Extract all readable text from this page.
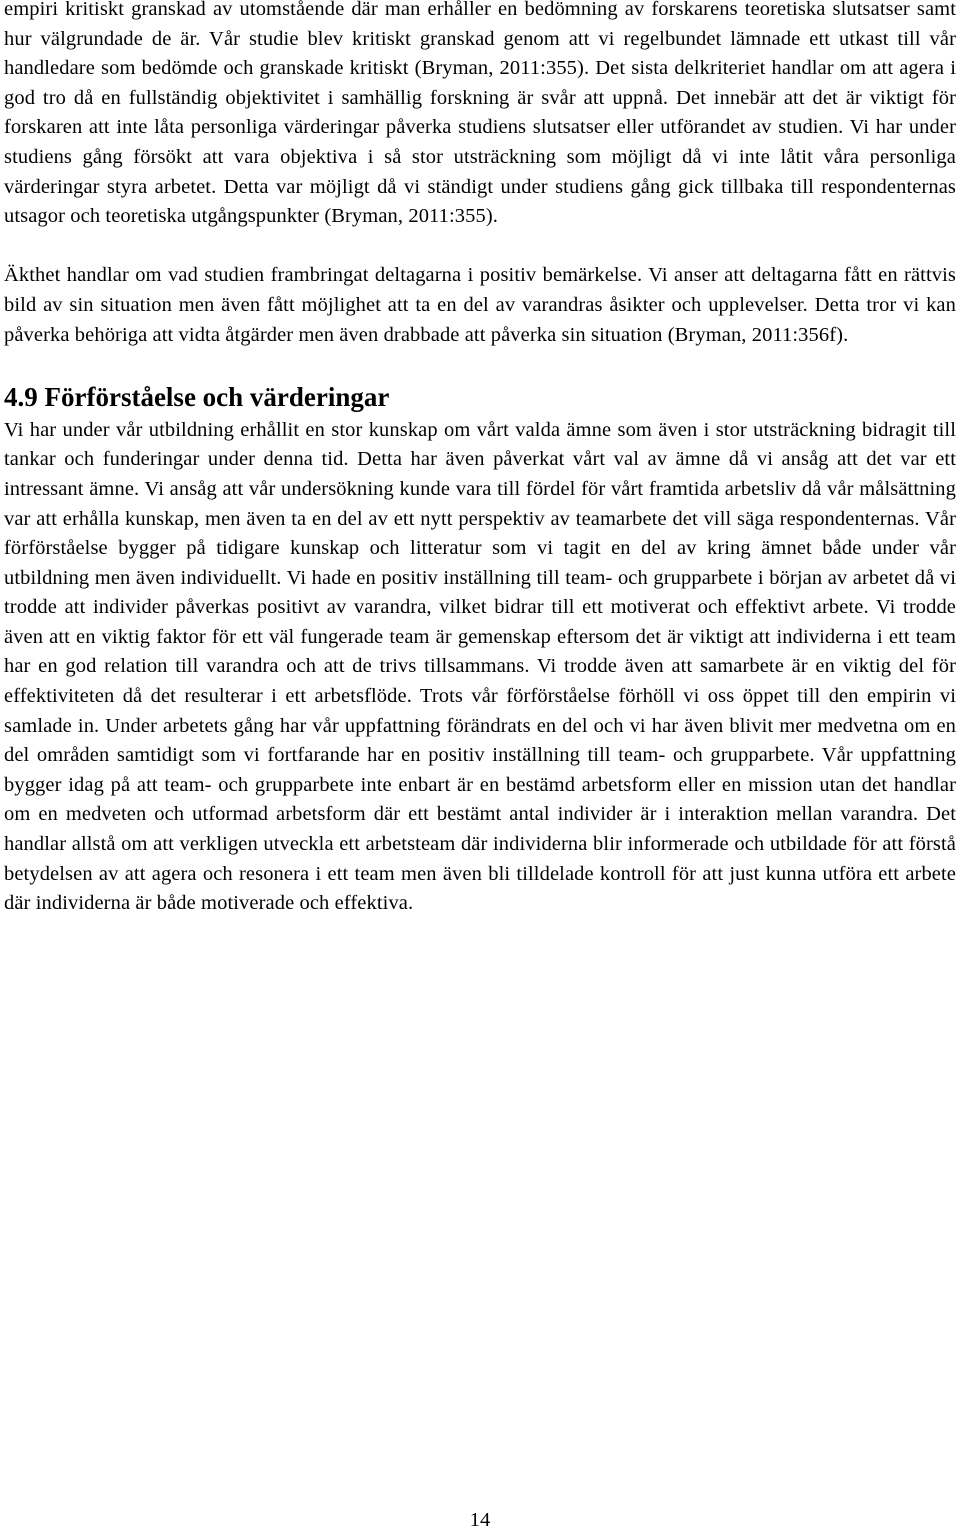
empiri kritiskt granskad av utomstående där man erhåller en bedömning av forskarens teoretiska slutsatser samt hur välgrundade de är. Vår studie blev kritiskt granskad genom att vi regelbundet lämnade ett utkast till vår handledare som bedömde och granskade kritiskt (Bryman, 2011:355). Det sista delkriteriet handlar om att agera i god tro då en fullständig objektivitet i samhällig forskning är svår att uppnå. Det innebär att det är viktigt för forskaren att inte låta personliga värderingar påverka studiens slutsatser eller utförandet av studien. Vi har under studiens gång försökt att vara objektiva i så stor utsträckning som möjligt då vi inte låtit våra personliga värderingar styra arbetet. Detta var möjligt då vi ständigt under studiens gång gick tillbaka till respondenternas utsagor och teoretiska utgångspunkter (Bryman, 2011:355).

Äkthet handlar om vad studien frambringat deltagarna i positiv bemärkelse. Vi anser att deltagarna fått en rättvis bild av sin situation men även fått möjlighet att ta en del av varandras åsikter och upplevelser. Detta tror vi kan påverka behöriga att vidta åtgärder men även drabbade att påverka sin situation (Bryman, 2011:356f).

4.9 Förförståelse och värderingar

Vi har under vår utbildning erhållit en stor kunskap om vårt valda ämne som även i stor utsträckning bidragit till tankar och funderingar under denna tid. Detta har även påverkat vårt val av ämne då vi ansåg att det var ett intressant ämne. Vi ansåg att vår undersökning kunde vara till fördel för vårt framtida arbetsliv då vår målsättning var att erhålla kunskap, men även ta en del av ett nytt perspektiv av teamarbete det vill säga respondenternas. Vår förförståelse bygger på tidigare kunskap och litteratur som vi tagit en del av kring ämnet både under vår utbildning men även individuellt. Vi hade en positiv inställning till team- och grupparbete i början av arbetet då vi trodde att individer påverkas positivt av varandra, vilket bidrar till ett motiverat och effektivt arbete. Vi trodde även att en viktig faktor för ett väl fungerade team är gemenskap eftersom det är viktigt att individerna i ett team har en god relation till varandra och att de trivs tillsammans. Vi trodde även att samarbete är en viktig del för effektiviteten då det resulterar i ett arbetsflöde. Trots vår förförståelse förhöll vi oss öppet till den empirin vi samlade in. Under arbetets gång har vår uppfattning förändrats en del och vi har även blivit mer medvetna om en del områden samtidigt som vi fortfarande har en positiv inställning till team- och grupparbete. Vår uppfattning bygger idag på att team- och grupparbete inte enbart är en bestämd arbetsform eller en mission utan det handlar om en medveten och utformad arbetsform där ett bestämt antal individer är i interaktion mellan varandra. Det handlar allstå om att verkligen utveckla ett arbetsteam där individerna blir informerade och utbildade för att förstå betydelsen av att agera och resonera i ett team men även bli tilldelade kontroll för att just kunna utföra ett arbete där individerna är både motiverade och effektiva.

14
